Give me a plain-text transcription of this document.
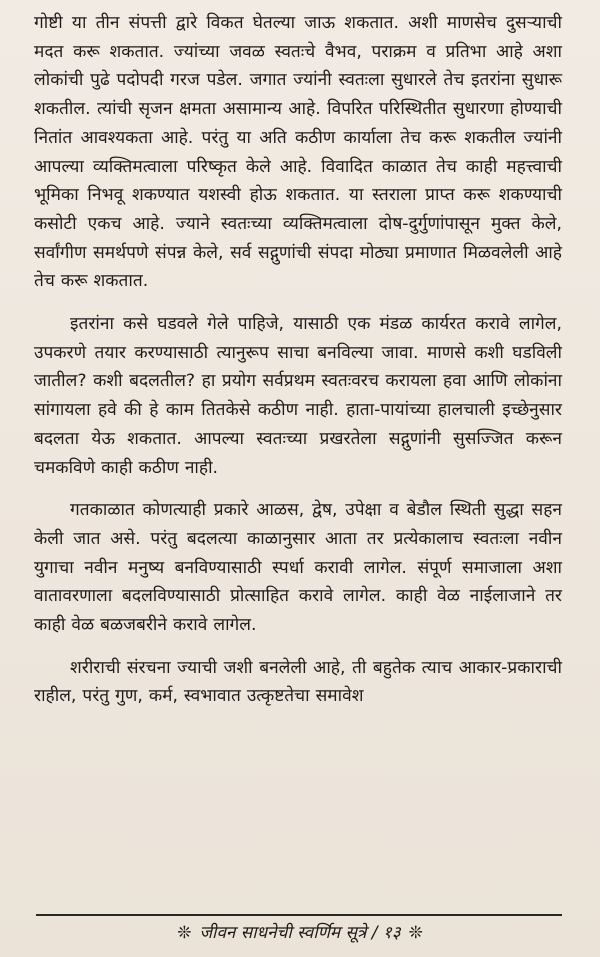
गोष्टी या तीन संपत्ती द्वारे विकत घेतल्या जाऊ शकतात. अशी माणसेच दुसऱ्याची मदत करू शकतात. ज्यांच्या जवळ स्वतःचे वैभव, पराक्रम व प्रतिभा आहे अशा लोकांची पुढे पदोपदी गरज पडेल. जगात ज्यांनी स्वतःला सुधारले तेच इतरांना सुधारू शकतील. त्यांची सृजन क्षमता असामान्य आहे. विपरित परिस्थितीत सुधारणा होण्याची नितांत आवश्यकता आहे. परंतु या अति कठीण कार्याला तेच करू शकतील ज्यांनी आपल्या व्यक्तिमत्वाला परिष्कृत केले आहे. विवादित काळात तेच काही महत्त्वाची भूमिका निभवू शकण्यात यशस्वी होऊ शकतात. या स्तराला प्राप्त करू शकण्याची कसोटी एकच आहे. ज्याने स्वतःच्या व्यक्तिमत्वाला दोष-दुर्गुणांपासून मुक्त केले, सर्वांगीण समर्थपणे संपन्न केले, सर्व सद्गुणांची संपदा मोठ्या प्रमाणात मिळवलेली आहे तेच करू शकतात.

इतरांना कसे घडवले गेले पाहिजे, यासाठी एक मंडळ कार्यरत करावे लागेल, उपकरणे तयार करण्यासाठी त्यानुरूप साचा बनविल्या जावा. माणसे कशी घडविली जातील? कशी बदलतील? हा प्रयोग सर्वप्रथम स्वतःवरच करायला हवा आणि लोकांना सांगायला हवे की हे काम तितकेसे कठीण नाही. हाता-पायांच्या हालचाली इच्छेनुसार बदलता येऊ शकतात. आपल्या स्वतःच्या प्रखरतेला सद्गुणांनी सुसज्जित करून चमकविणे काही कठीण नाही.

गतकाळात कोणत्याही प्रकारे आळस, द्वेष, उपेक्षा व बेडौल स्थिती सुद्धा सहन केली जात असे. परंतु बदलत्या काळानुसार आता तर प्रत्येकालाच स्वतःला नवीन युगाचा नवीन मनुष्य बनविण्यासाठी स्पर्धा करावी लागेल. संपूर्ण समाजाला अशा वातावरणाला बदलविण्यासाठी प्रोत्साहित करावे लागेल. काही वेळ नाईलाजाने तर काही वेळ बळजबरीने करावे लागेल.

शरीराची संरचना ज्याची जशी बनलेली आहे, ती बहुतेक त्याच आकार-प्रकाराची राहील, परंतु गुण, कर्म, स्वभावात उत्कृष्टतेचा समावेश

❊ जीवन साधनेची स्वर्णिम सूत्रे / १३ ❊
